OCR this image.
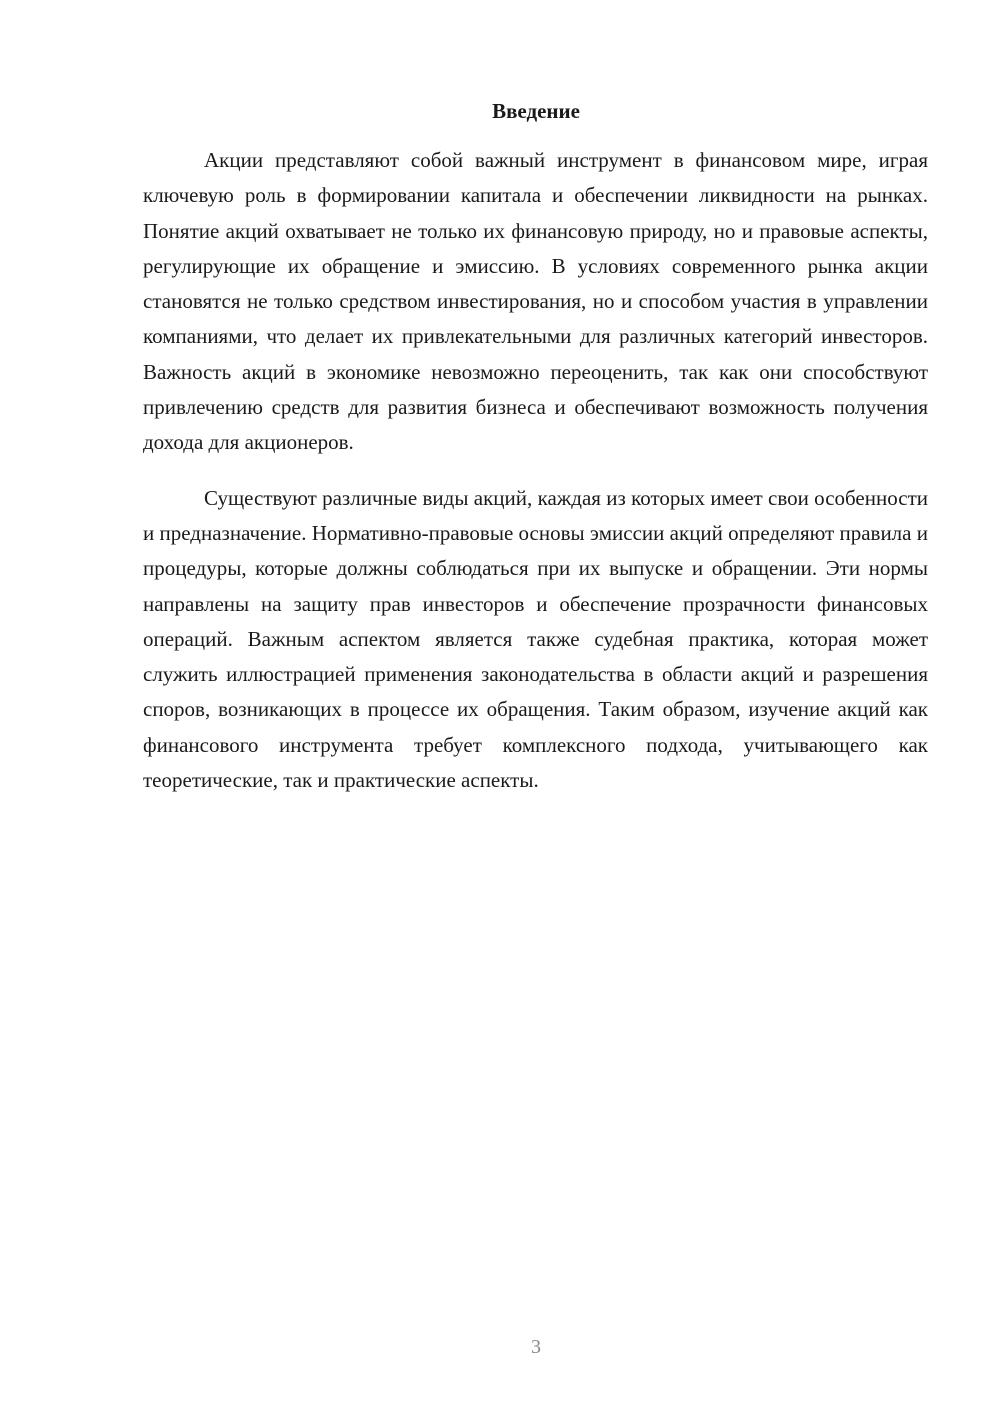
Введение

Акции представляют собой важный инструмент в финансовом мире, играя ключевую роль в формировании капитала и обеспечении ликвидности на рынках. Понятие акций охватывает не только их финансовую природу, но и правовые аспекты, регулирующие их обращение и эмиссию. В условиях современного рынка акции становятся не только средством инвестирования, но и способом участия в управлении компаниями, что делает их привлекательными для различных категорий инвесторов. Важность акций в экономике невозможно переоценить, так как они способствуют привлечению средств для развития бизнеса и обеспечивают возможность получения дохода для акционеров.

Существуют различные виды акций, каждая из которых имеет свои особенности и предназначение. Нормативно-правовые основы эмиссии акций определяют правила и процедуры, которые должны соблюдаться при их выпуске и обращении. Эти нормы направлены на защиту прав инвесторов и обеспечение прозрачности финансовых операций. Важным аспектом является также судебная практика, которая может служить иллюстрацией применения законодательства в области акций и разрешения споров, возникающих в процессе их обращения. Таким образом, изучение акций как финансового инструмента требует комплексного подхода, учитывающего как теоретические, так и практические аспекты.

3
